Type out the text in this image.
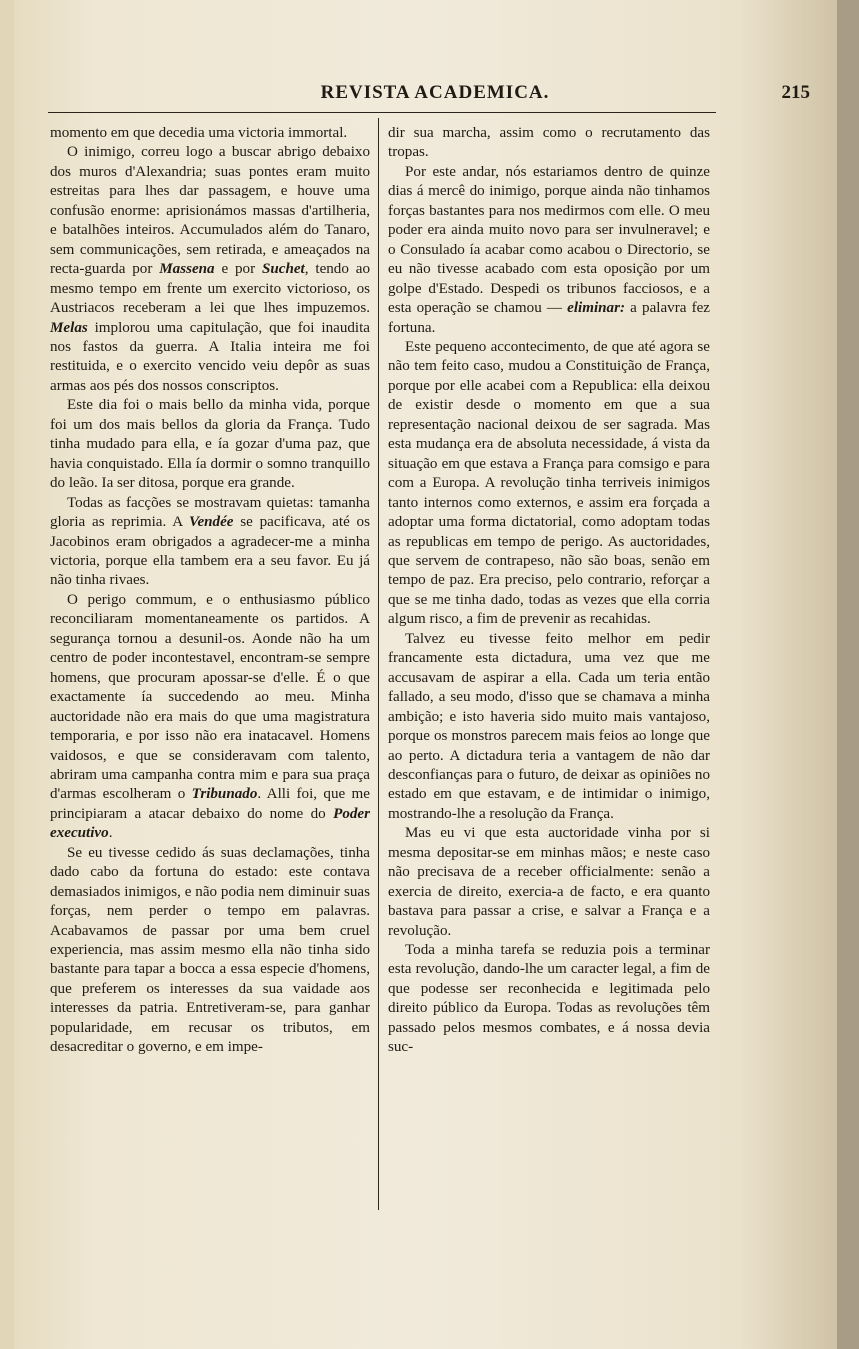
REVISTA ACADEMICA.	215

momento em que decedia uma victoria immortal.

O inimigo, correu logo a buscar abrigo debaixo dos muros d'Alexandria; suas pontes eram muito estreitas para lhes dar passagem, e houve uma confusão enorme: aprisionámos massas d'artilheria, e batalhões inteiros. Accumulados além do Tanaro, sem communicações, sem retirada, e ameaçados na recta-guarda por Massena e por Suchet, tendo ao mesmo tempo em frente um exercito victorioso, os Austriacos receberam a lei que lhes impuzemos. Melas implorou uma capitulação, que foi inaudita nos fastos da guerra. A Italia inteira me foi restituida, e o exercito vencido veiu depôr as suas armas aos pés dos nossos conscriptos.

Este dia foi o mais bello da minha vida, porque foi um dos mais bellos da gloria da França. Tudo tinha mudado para ella, e ía gozar d'uma paz, que havia conquistado. Ella ía dormir o somno tranquillo do leão. Ia ser ditosa, porque era grande.

Todas as facções se mostravam quietas: tamanha gloria as reprimia. A Vendée se pacificava, até os Jacobinos eram obrigados a agradecer-me a minha victoria, porque ella tambem era a seu favor. Eu já não tinha rivaes.

O perigo commum, e o enthusiasmo público reconciliaram momentaneamente os partidos. A segurança tornou a desunil-os. Aonde não ha um centro de poder incontestavel, encontram-se sempre homens, que procuram apossar-se d'elle. É o que exactamente ía succedendo ao meu. Minha auctoridade não era mais do que uma magistratura temporaria, e por isso não era inatacavel. Homens vaidosos, e que se consideravam com talento, abriram uma campanha contra mim e para sua praça d'armas escolheram o Tribunado. Alli foi, que me principiaram a atacar debaixo do nome do Poder executivo.

Se eu tivesse cedido ás suas declamações, tinha dado cabo da fortuna do estado: este contava demasiados inimigos, e não podia nem diminuir suas forças, nem perder o tempo em palavras. Acabavamos de passar por uma bem cruel experiencia, mas assim mesmo ella não tinha sido bastante para tapar a bocca a essa especie d'homens, que preferem os interesses da sua vaidade aos interesses da patria. Entretiveram-se, para ganhar popularidade, em recusar os tributos, em desacreditar o governo, e em impe-

dir sua marcha, assim como o recrutamento das tropas.

Por este andar, nós estariamos dentro de quinze dias á mercê do inimigo, porque ainda não tinhamos forças bastantes para nos medirmos com elle. O meu poder era ainda muito novo para ser invulneravel; e o Consulado ía acabar como acabou o Directorio, se eu não tivesse acabado com esta oposição por um golpe d'Estado. Despedi os tribunos facciosos, e a esta operação se chamou — eliminar: a palavra fez fortuna.

Este pequeno accontecimento, de que até agora se não tem feito caso, mudou a Constituição de França, porque por elle acabei com a Republica: ella deixou de existir desde o momento em que a sua representação nacional deixou de ser sagrada. Mas esta mudança era de absoluta necessidade, á vista da situação em que estava a França para comsigo e para com a Europa. A revolução tinha terriveis inimigos tanto internos como externos, e assim era forçada a adoptar uma forma dictatorial, como adoptam todas as republicas em tempo de perigo. As auctoridades, que servem de contrapeso, não são boas, senão em tempo de paz. Era preciso, pelo contrario, reforçar a que se me tinha dado, todas as vezes que ella corria algum risco, a fim de prevenir as recahidas.

Talvez eu tivesse feito melhor em pedir francamente esta dictadura, uma vez que me accusavam de aspirar a ella. Cada um teria então fallado, a seu modo, d'isso que se chamava a minha ambição; e isto haveria sido muito mais vantajoso, porque os monstros parecem mais feios ao longe que ao perto. A dictadura teria a vantagem de não dar desconfianças para o futuro, de deixar as opiniões no estado em que estavam, e de intimidar o inimigo, mostrando-lhe a resolução da França.

Mas eu vi que esta auctoridade vinha por si mesma depositar-se em minhas mãos; e neste caso não precisava de a receber officialmente: senão a exercia de direito, exercia-a de facto, e era quanto bastava para passar a crise, e salvar a França e a revolução.

Toda a minha tarefa se reduzia pois a terminar esta revolução, dando-lhe um caracter legal, a fim de que podesse ser reconhecida e legitimada pelo direito público da Europa. Todas as revoluções têm passado pelos mesmos combates, e á nossa devia suc-
